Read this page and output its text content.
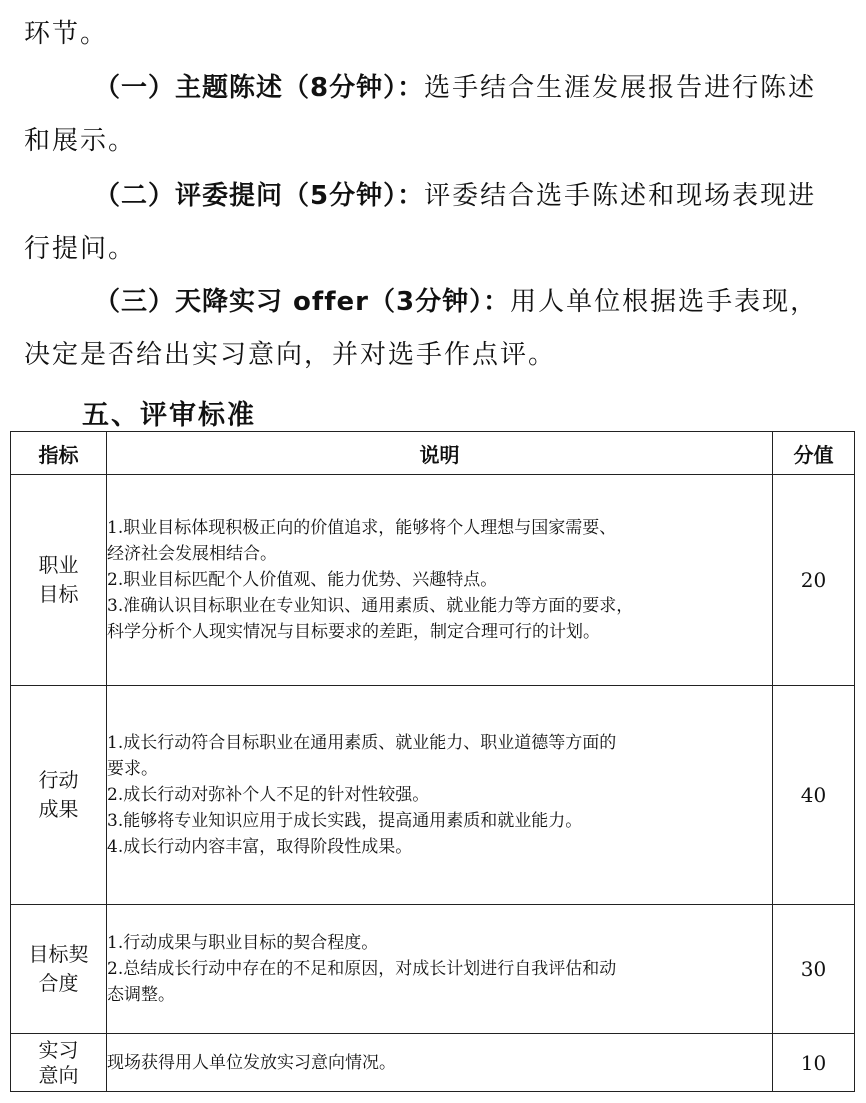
环节。
（一）主题陈述（8分钟）：选手结合生涯发展报告进行陈述和展示。
（二）评委提问（5分钟）：评委结合选手陈述和现场表现进行提问。
（三）天降实习 offer（3分钟）：用人单位根据选手表现，决定是否给出实习意向，并对选手作点评。
五、评审标准
指标	说明	分值

职业
目标	1.职业目标体现积极正向的价值追求，能够将个人理想与国家需要、
经济社会发展相结合。
2.职业目标匹配个人价值观、能力优势、兴趣特点。
3.准确认识目标职业在专业知识、通用素质、就业能力等方面的要求，
科学分析个人现实情况与目标要求的差距，制定合理可行的计划。	20

行动
成果	1.成长行动符合目标职业在通用素质、就业能力、职业道德等方面的
要求。
2.成长行动对弥补个人不足的针对性较强。
3.能够将专业知识应用于成长实践，提高通用素质和就业能力。
4.成长行动内容丰富，取得阶段性成果。	40

目标契
合度	1.行动成果与职业目标的契合程度。
2.总结成长行动中存在的不足和原因，对成长计划进行自我评估和动
态调整。	30

实习
意向	现场获得用人单位发放实习意向情况。	10
